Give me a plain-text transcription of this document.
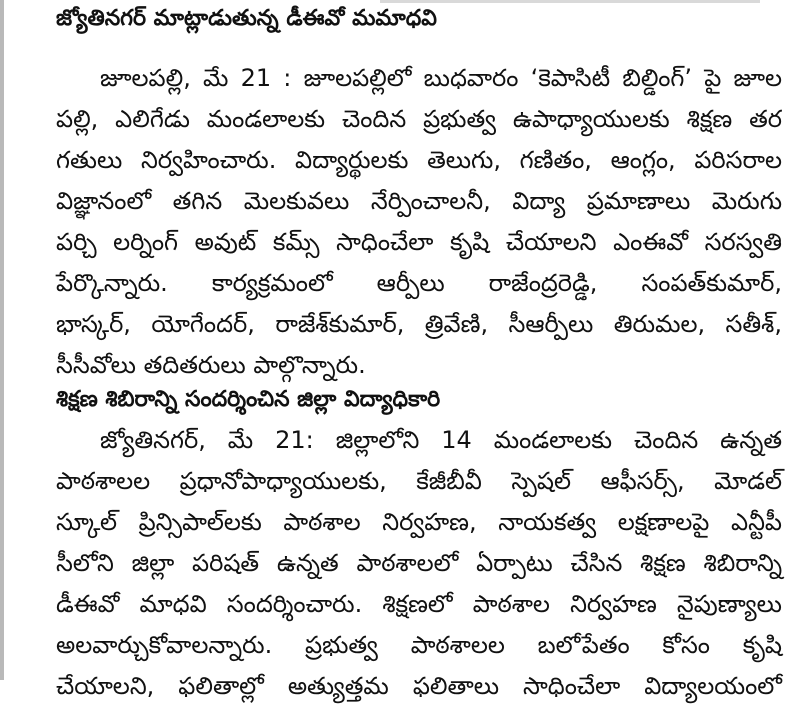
జ్యోతినగర్ మాట్లాడుతున్న డీఈవో మమాధవి
జూలపల్లి, మే 21 : జూలపల్లిలో బుధవారం ‘కెపాసిటీ బిల్డింగ్’ పై జూల
పల్లి, ఎలిగేడు మండలాలకు చెందిన ప్రభుత్వ ఉపాధ్యాయులకు శిక్షణ తర
గతులు నిర్వహించారు. విద్యార్థులకు తెలుగు, గణితం, ఆంగ్లం, పరిసరాల
విజ్ఞానంలో తగిన మెలకువలు నేర్పించాలనీ, విద్యా ప్రమాణాలు మెరుగు
పర్చి లర్నింగ్ అవుట్ కమ్స్ సాధించేలా కృషి చేయాలని ఎంఈవో సరస్వతి
పేర్కొన్నారు. కార్యక్రమంలో ఆర్పీలు రాజేంద్రరెడ్డి, సంపత్‌కుమార్,
భాస్కర్, యోగేందర్, రాజేశ్‌కుమార్, త్రివేణి, సీఆర్పీలు తిరుమల, సతీశ్,
సీసీవోలు తదితరులు పాల్గొన్నారు.
శిక్షణ శిబిరాన్ని సందర్శించిన జిల్లా విద్యాధికారి
జ్యోతినగర్, మే 21: జిల్లాలోని 14 మండలాలకు చెందిన ఉన్నత
పాఠశాలల ప్రధానోపాధ్యాయులకు, కేజీబీవీ స్పెషల్ ఆఫీసర్స్, మోడల్
స్కూల్ ప్రిన్సిపాల్‌లకు పాఠశాల నిర్వహణ, నాయకత్వ లక్షణాలపై ఎన్టీపీ
సీలోని జిల్లా పరిషత్ ఉన్నత పాఠశాలలో ఏర్పాటు చేసిన శిక్షణ శిబిరాన్ని
డీఈవో మాధవి సందర్శించారు. శిక్షణలో పాఠశాల నిర్వహణ నైపుణ్యాలు
అలవార్చుకోవాలన్నారు. ప్రభుత్వ పాఠశాలల బలోపేతం కోసం కృషి
చేయాలని, ఫలితాల్లో అత్యుత్తమ ఫలితాలు సాధించేలా విద్యాలయంలో
